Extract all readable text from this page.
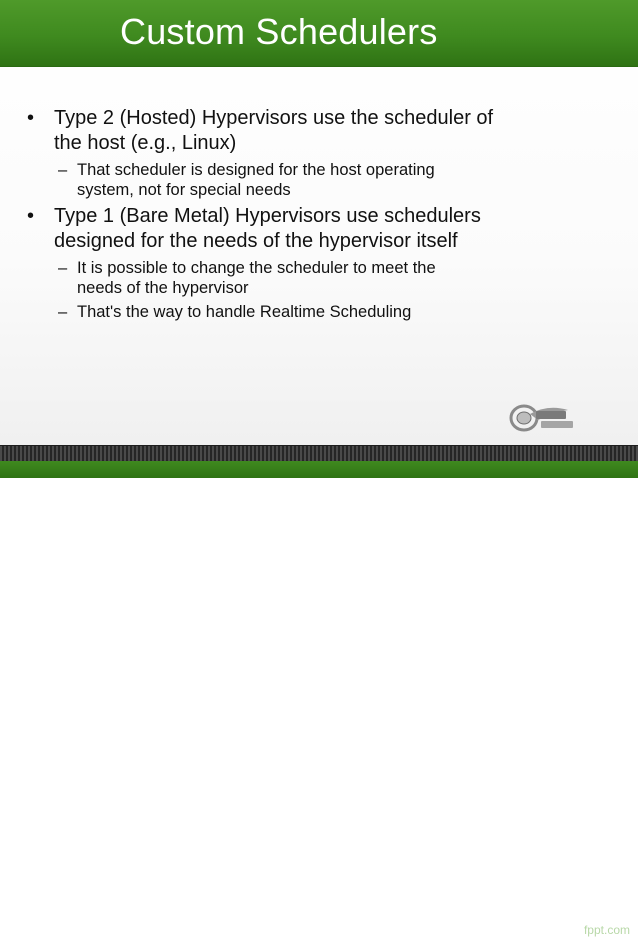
Custom Schedulers
• Type 2 (Hosted) Hypervisors use the scheduler of
the host (e.g., Linux)
– That scheduler is designed for the host operating
system, not for special needs
• Type 1 (Bare Metal) Hypervisors use schedulers
designed for the needs of the hypervisor itself
– It is possible to change the scheduler to meet the
needs of the hypervisor
– That's the way to handle Realtime Scheduling
fppt.com
